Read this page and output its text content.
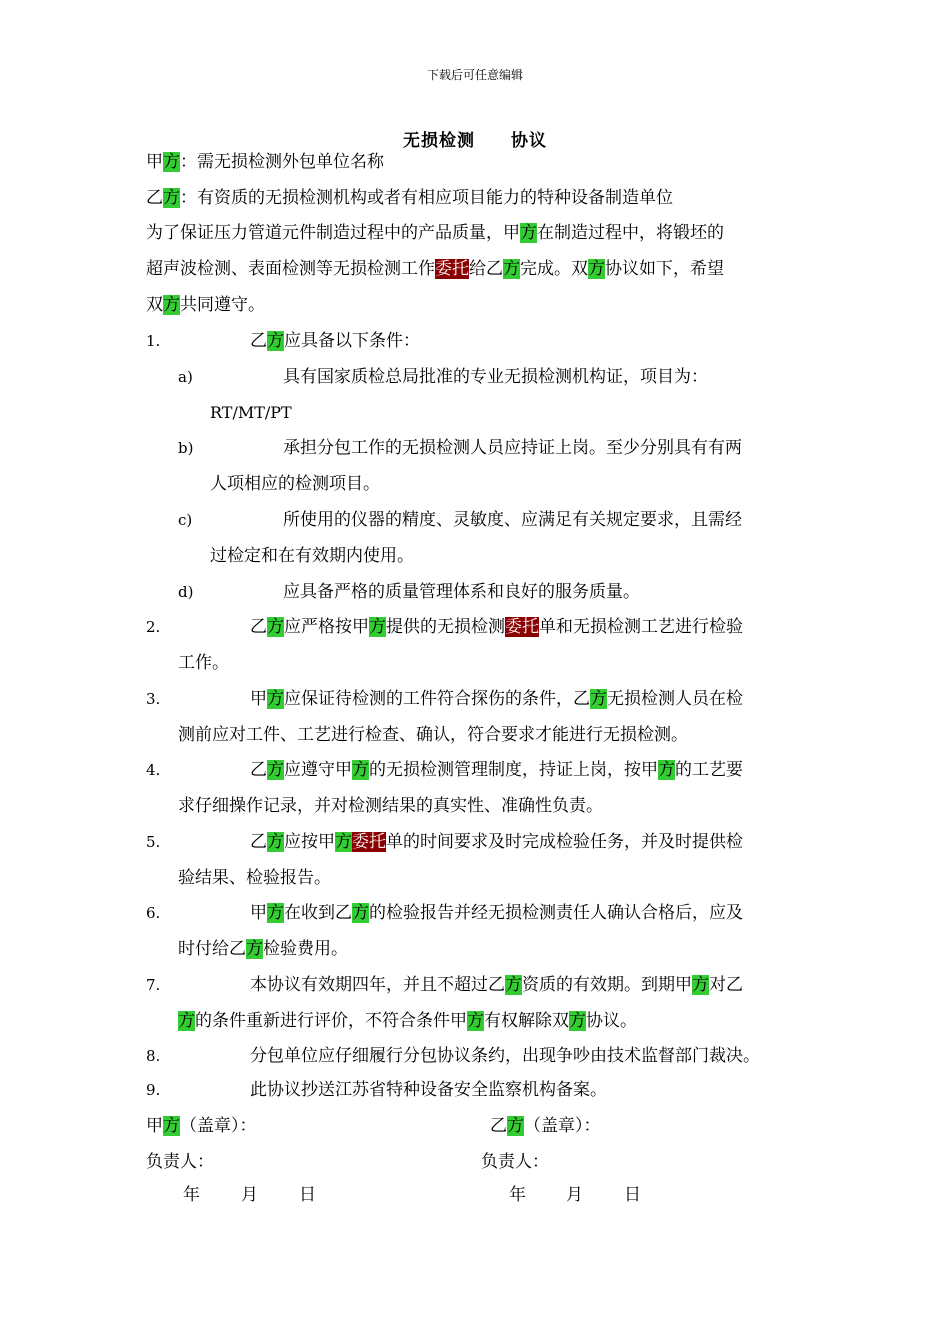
下载后可任意编辑
无损检测　　协议
甲方：需无损检测外包单位名称
乙方：有资质的无损检测机构或者有相应项目能力的特种设备制造单位
为了保证压力管道元件制造过程中的产品质量，甲方在制造过程中，将锻坯的
超声波检测、表面检测等无损检测工作委托给乙方完成。双方协议如下，希望
双方共同遵守。
1.	乙方应具备以下条件：
a)	具有国家质检总局批准的专业无损检测机构证，项目为：
RT/MT/PT
b)	承担分包工作的无损检测人员应持证上岗。至少分别具有有两
人项相应的检测项目。
c)	所使用的仪器的精度、灵敏度、应满足有关规定要求，且需经
过检定和在有效期内使用。
d)	应具备严格的质量管理体系和良好的服务质量。
2.	乙方应严格按甲方提供的无损检测委托单和无损检测工艺进行检验
工作。
3.	甲方应保证待检测的工件符合探伤的条件，乙方无损检测人员在检
测前应对工件、工艺进行检查、确认，符合要求才能进行无损检测。
4.	乙方应遵守甲方的无损检测管理制度，持证上岗，按甲方的工艺要
求仔细操作记录，并对检测结果的真实性、准确性负责。
5.	乙方应按甲方委托单的时间要求及时完成检验任务，并及时提供检
验结果、检验报告。
6.	甲方在收到乙方的检验报告并经无损检测责任人确认合格后，应及
时付给乙方检验费用。
7.	本协议有效期四年，并且不超过乙方资质的有效期。到期甲方对乙
方的条件重新进行评价，不符合条件甲方有权解除双方协议。
8.	分包单位应仔细履行分包协议条约，出现争吵由技术监督部门裁决。
9.	此协议抄送江苏省特种设备安全监察机构备案。
甲方（盖章）：	乙方（盖章）：
负责人：	负责人：
年 月 日	年 月 日
